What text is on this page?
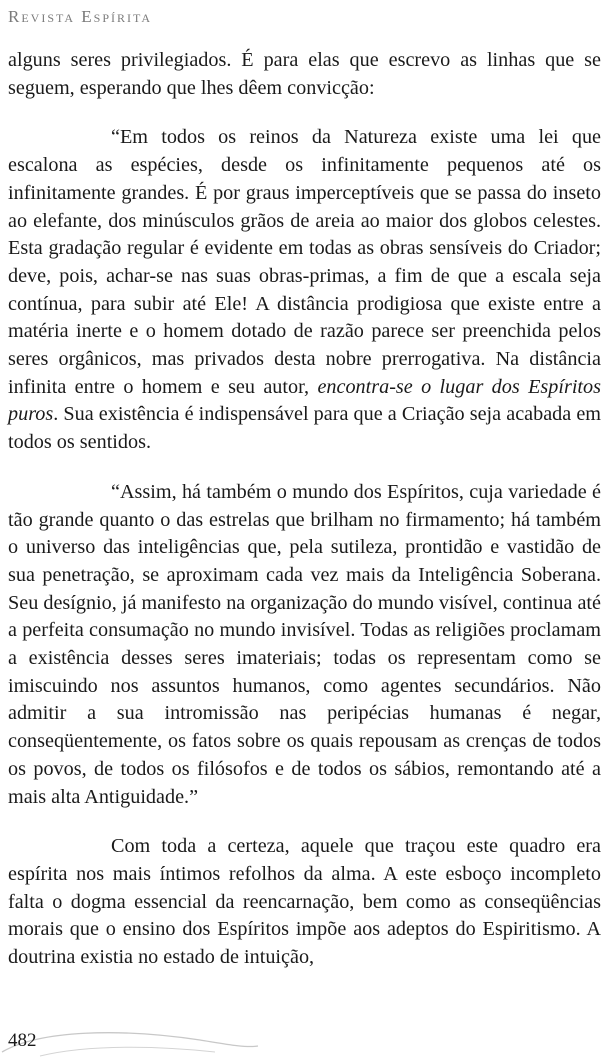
Revista Espírita

alguns seres privilegiados. É para elas que escrevo as linhas que se seguem, esperando que lhes dêem convicção:

“Em todos os reinos da Natureza existe uma lei que escalona as espécies, desde os infinitamente pequenos até os infinitamente grandes. É por graus imperceptíveis que se passa do inseto ao elefante, dos minúsculos grãos de areia ao maior dos globos celestes. Esta gradação regular é evidente em todas as obras sensíveis do Criador; deve, pois, achar-se nas suas obras-primas, a fim de que a escala seja contínua, para subir até Ele! A distância prodigiosa que existe entre a matéria inerte e o homem dotado de razão parece ser preenchida pelos seres orgânicos, mas privados desta nobre prerrogativa. Na distância infinita entre o homem e seu autor, encontra-se o lugar dos Espíritos puros. Sua existência é indispensável para que a Criação seja acabada em todos os sentidos.

“Assim, há também o mundo dos Espíritos, cuja variedade é tão grande quanto o das estrelas que brilham no firmamento; há também o universo das inteligências que, pela sutileza, prontidão e vastidão de sua penetração, se aproximam cada vez mais da Inteligência Soberana. Seu desígnio, já manifesto na organização do mundo visível, continua até a perfeita consumação no mundo invisível. Todas as religiões proclamam a existência desses seres imateriais; todas os representam como se imiscuindo nos assuntos humanos, como agentes secundários. Não admitir a sua intromissão nas peripécias humanas é negar, conseqüentemente, os fatos sobre os quais repousam as crenças de todos os povos, de todos os filósofos e de todos os sábios, remontando até a mais alta Antiguidade.”

Com toda a certeza, aquele que traçou este quadro era espírita nos mais íntimos refolhos da alma. A este esboço incompleto falta o dogma essencial da reencarnação, bem como as conseqüências morais que o ensino dos Espíritos impõe aos adeptos do Espiritismo. A doutrina existia no estado de intuição,

482
